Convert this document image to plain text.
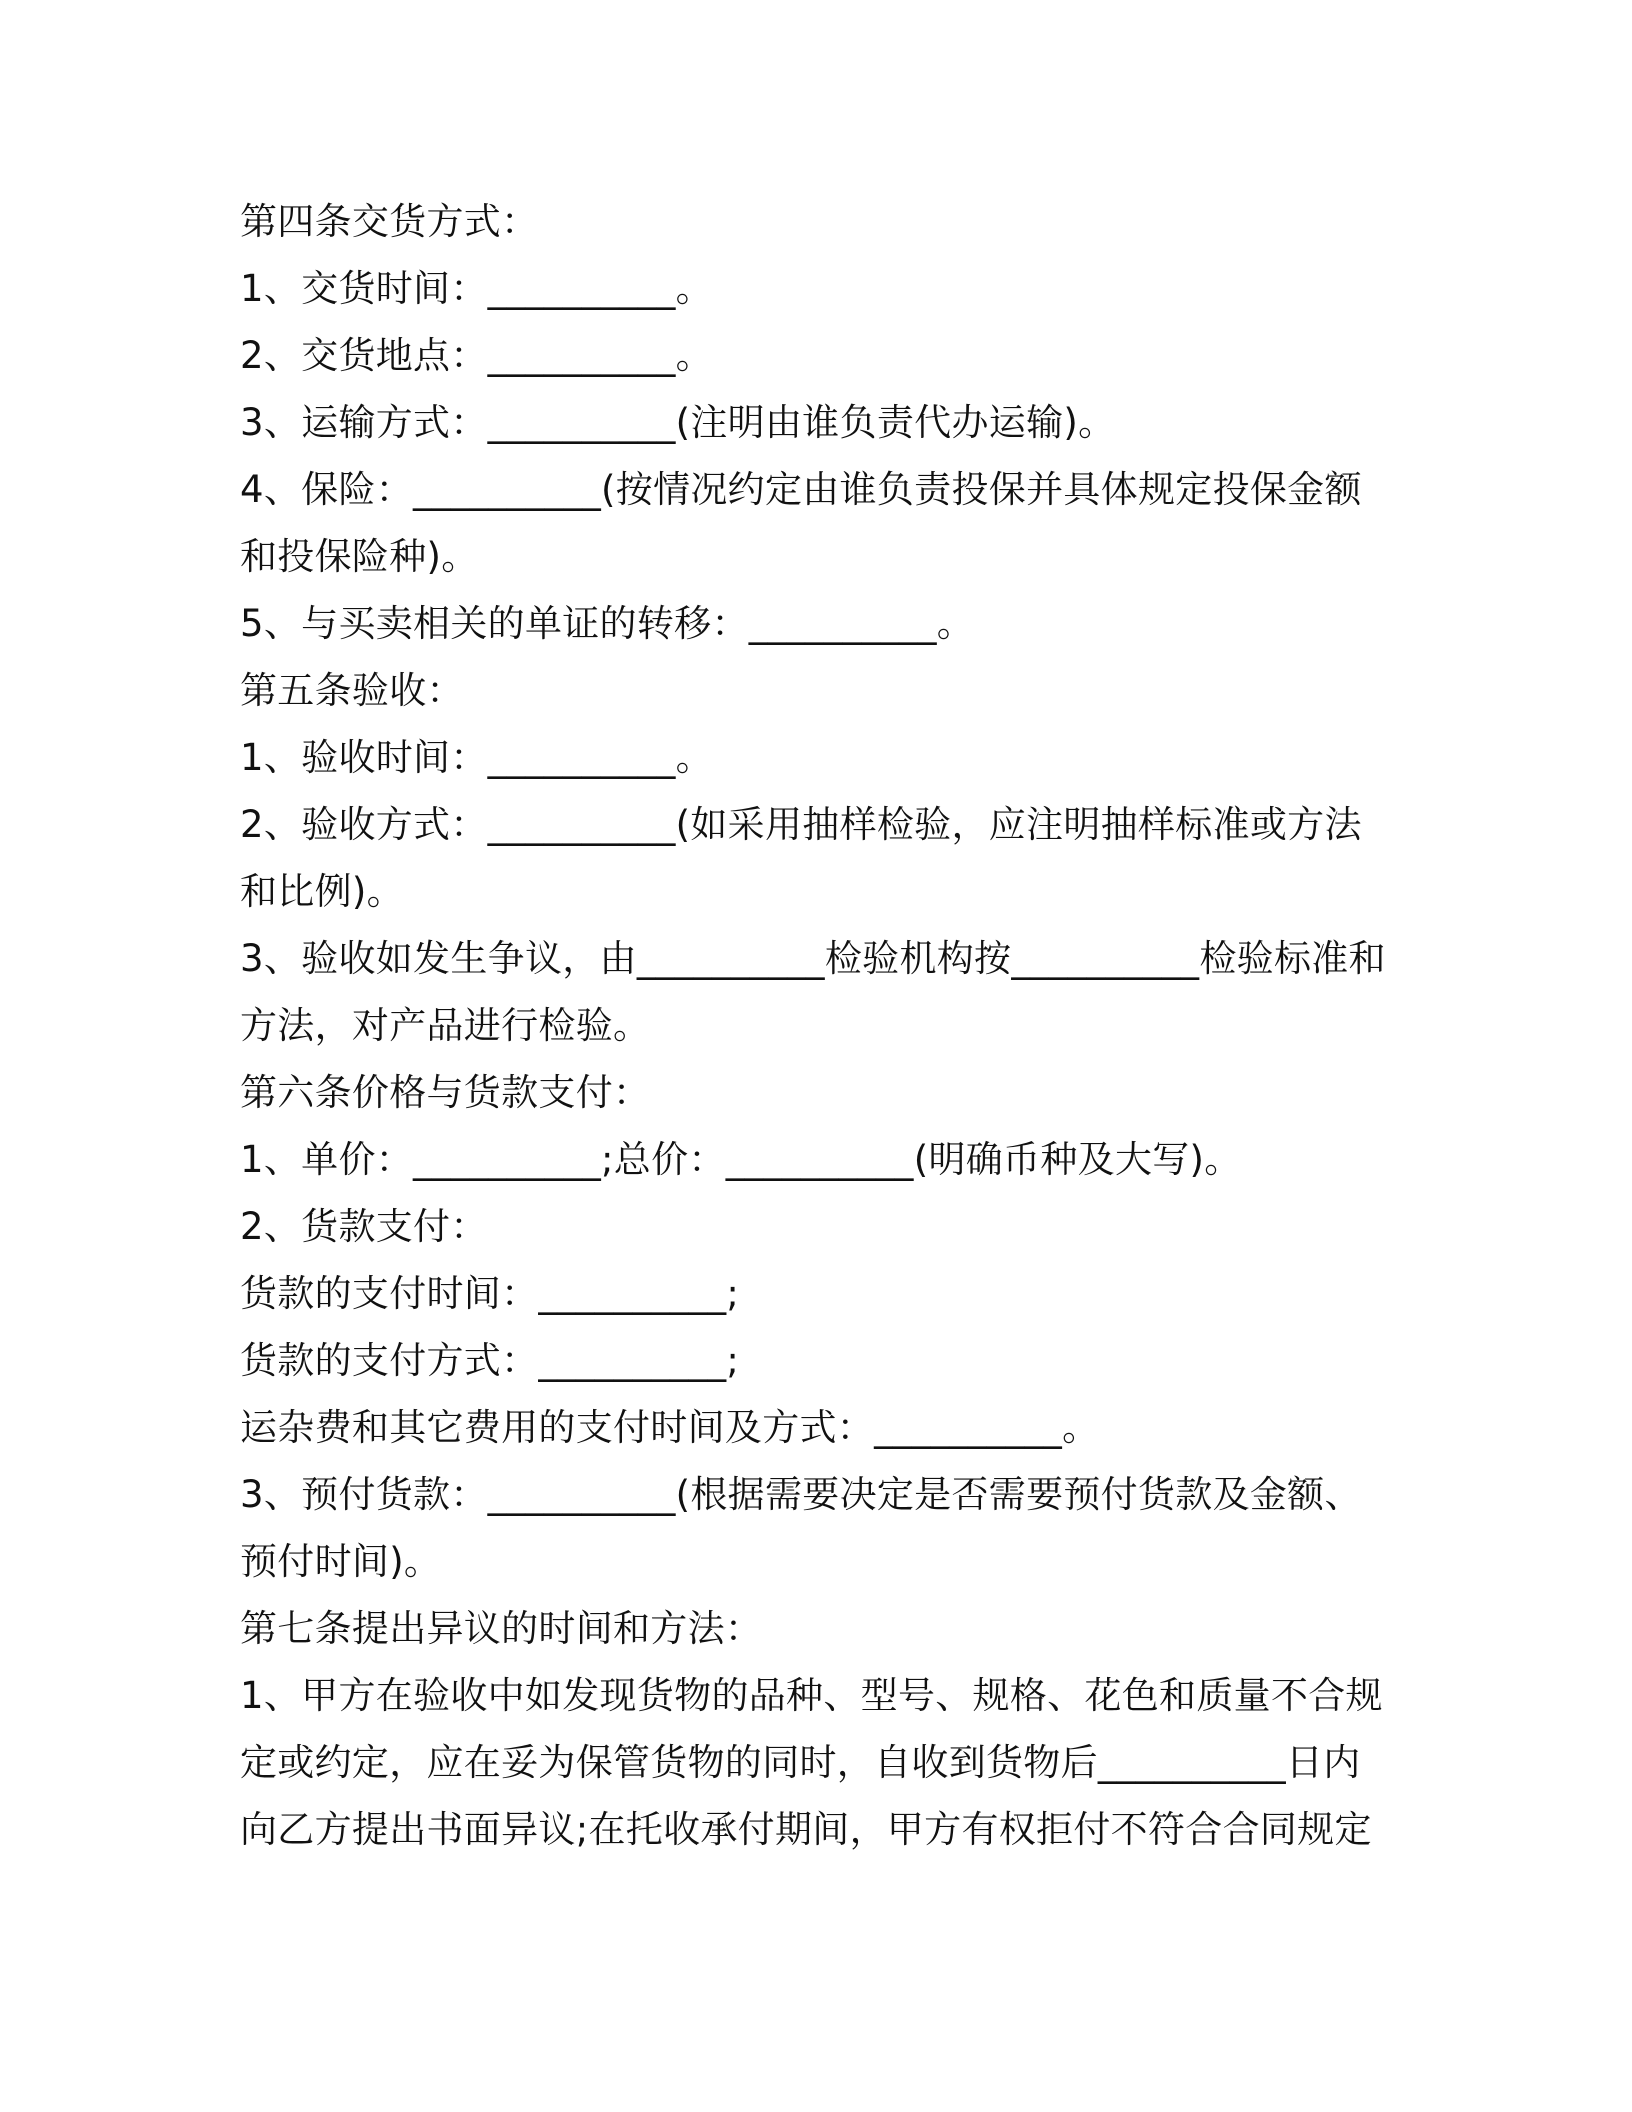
第四条交货方式：
1、交货时间：__________。
2、交货地点：__________。
3、运输方式：__________(注明由谁负责代办运输)。
4、保险：__________(按情况约定由谁负责投保并具体规定投保金额
和投保险种)。
5、与买卖相关的单证的转移：__________。
第五条验收：
1、验收时间：__________。
2、验收方式：__________(如采用抽样检验，应注明抽样标准或方法
和比例)。
3、验收如发生争议，由__________检验机构按__________检验标准和
方法，对产品进行检验。
第六条价格与货款支付：
1、单价：__________;总价：__________(明确币种及大写)。
2、货款支付：
货款的支付时间：__________;
货款的支付方式：__________;
运杂费和其它费用的支付时间及方式：__________。
3、预付货款：__________(根据需要决定是否需要预付货款及金额、
预付时间)。
第七条提出异议的时间和方法：
1、甲方在验收中如发现货物的品种、型号、规格、花色和质量不合规
定或约定，应在妥为保管货物的同时，自收到货物后__________日内
向乙方提出书面异议;在托收承付期间，甲方有权拒付不符合合同规定
